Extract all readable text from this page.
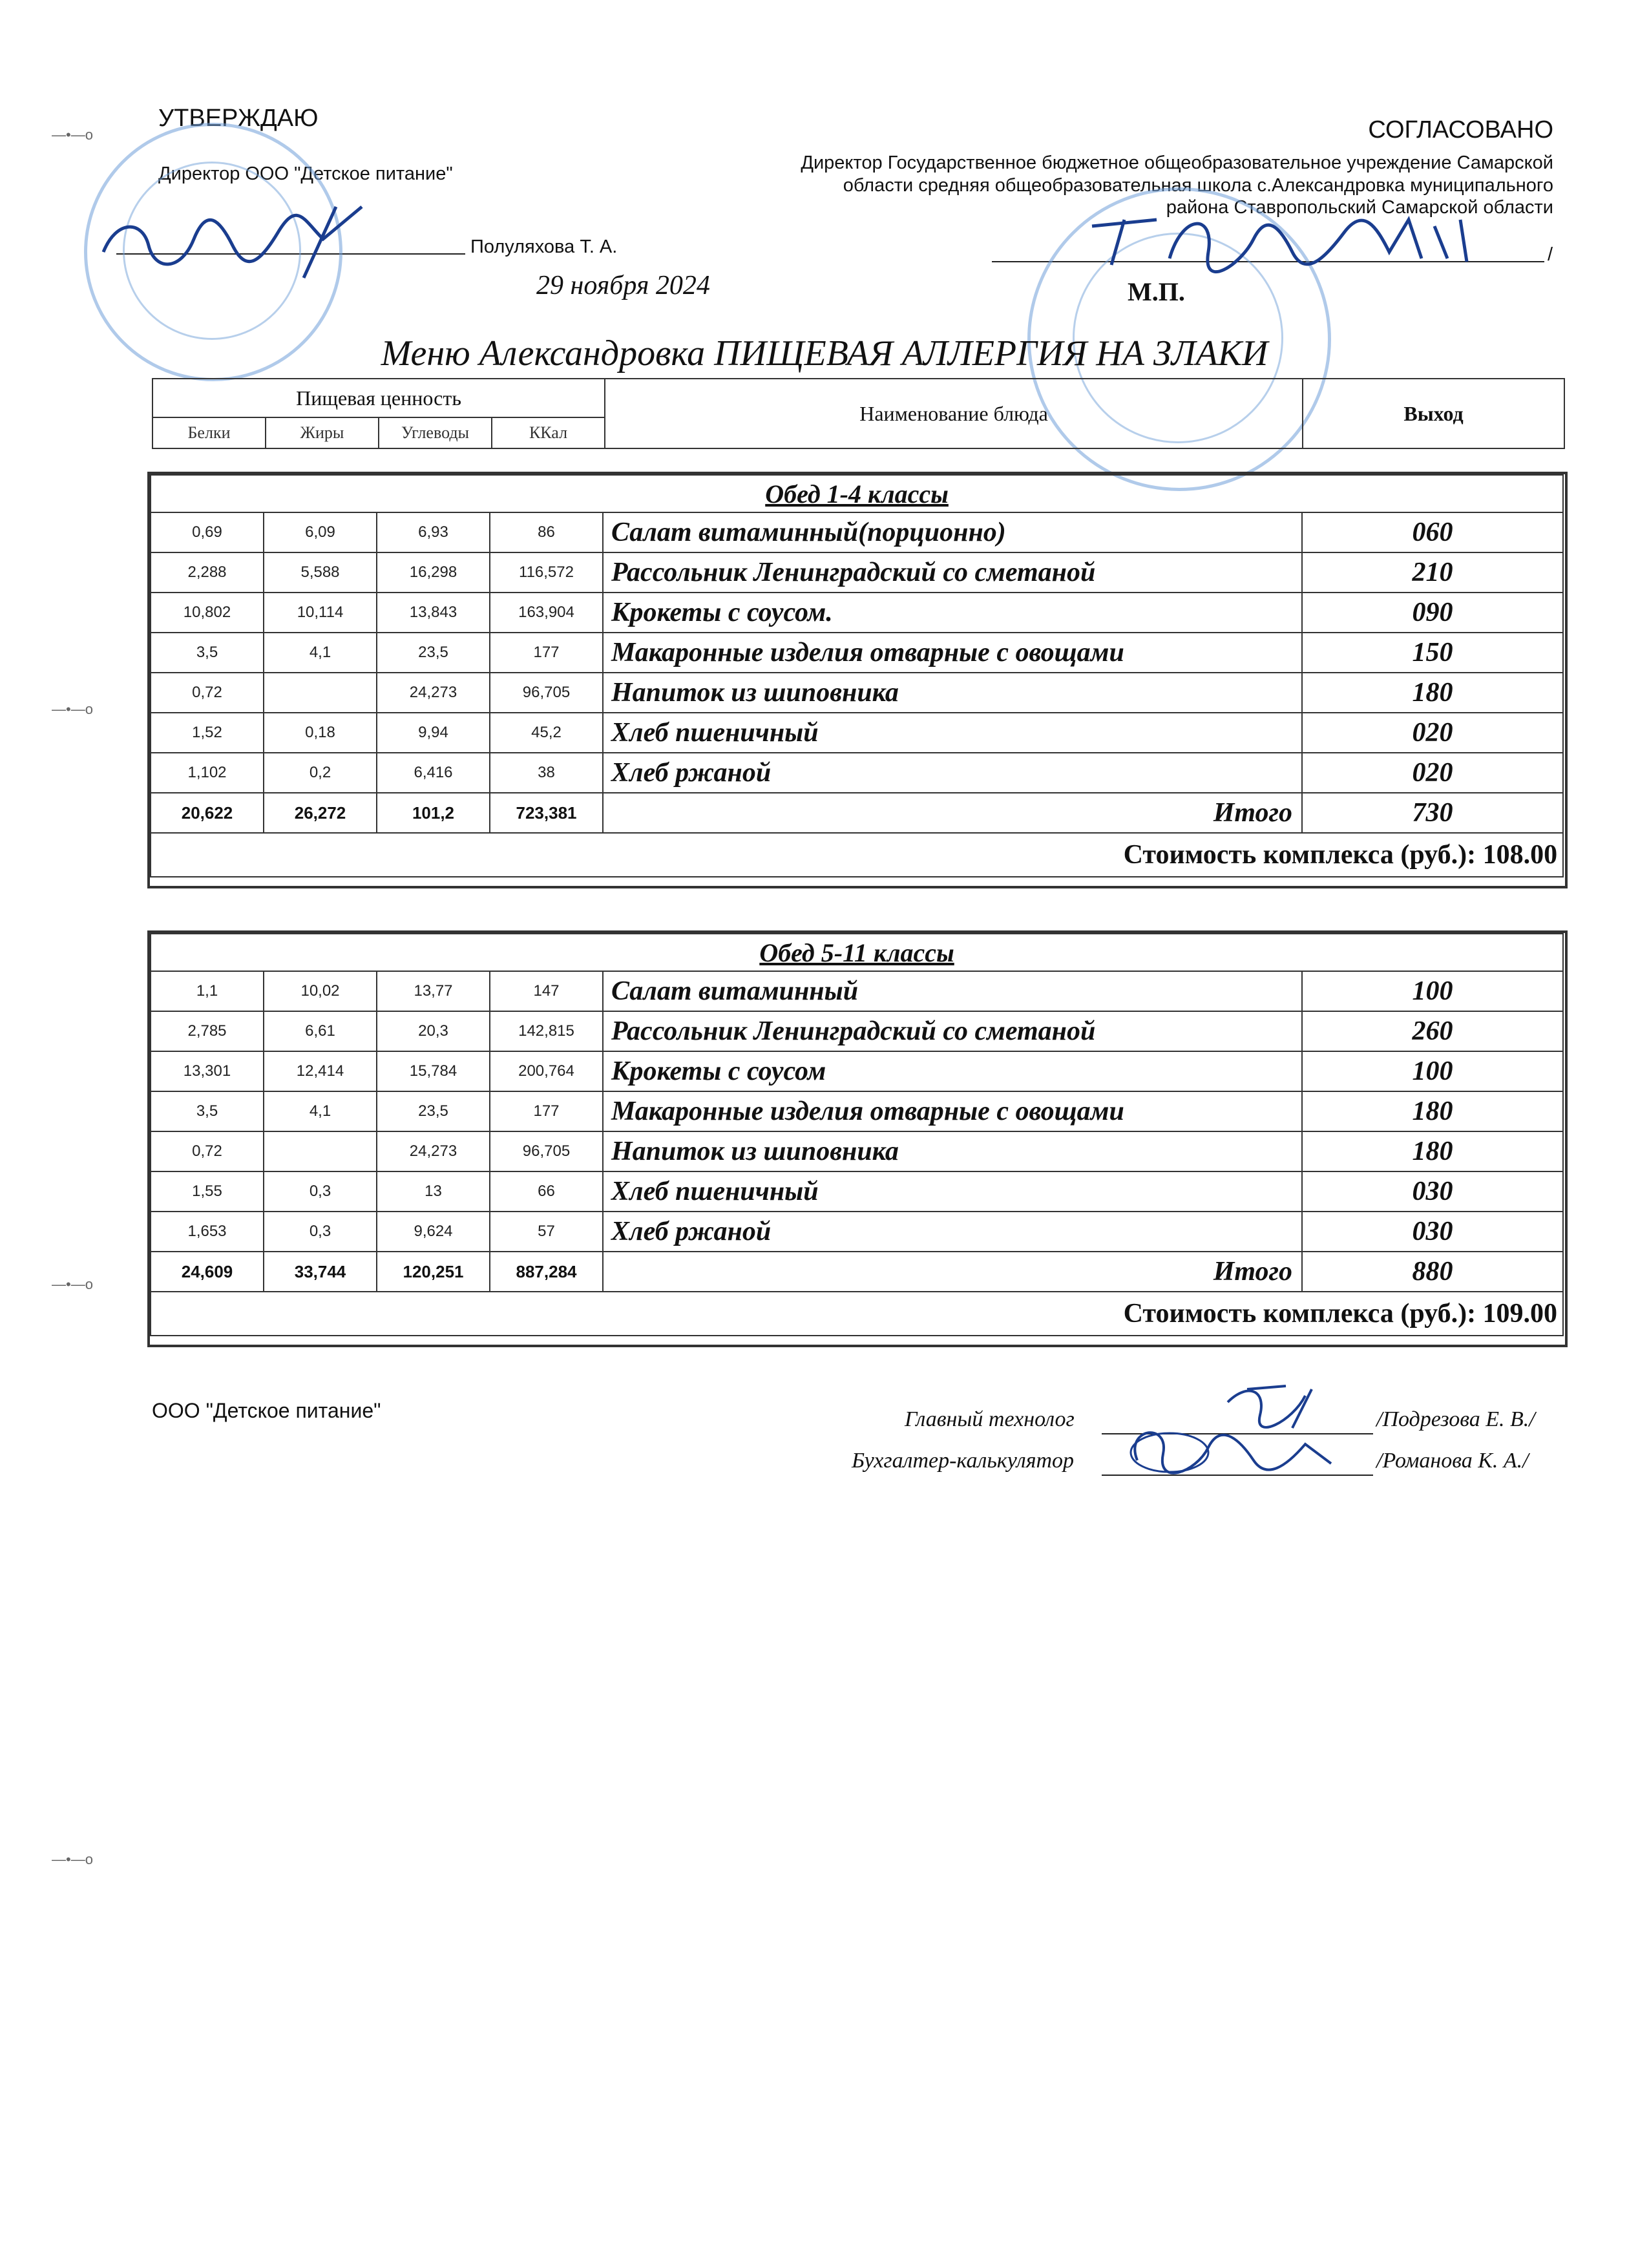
—•—o
—•—o
—•—o
—•—o
УТВЕРЖДАЮ
Директор ООО "Детское питание"
Полуляхова Т. А.
29 ноября 2024
СОГЛАСОВАНО
Директор Государственное бюджетное общеобразовательное учреждение Самарской
области средняя общеобразовательная школа с.Александровка муниципального
района Ставропольский Самарской области
/
М.П.
Меню Александровка ПИЩЕВАЯ АЛЛЕРГИЯ НА ЗЛАКИ
Пищевая ценность				Наименование блюда	Выход
Белки	Жиры	Углеводы	ККал		
Обед 1-4 классы					
0,69	6,09	6,93	86	Салат витаминный(порционно)	060
2,288	5,588	16,298	116,572	Рассольник Ленинградский со сметаной	210
10,802	10,114	13,843	163,904	Крокеты с соусом.	090
3,5	4,1	23,5	177	Макаронные изделия отварные с овощами	150
0,72		24,273	96,705	Напиток из шиповника	180
1,52	0,18	9,94	45,2	Хлеб пшеничный	020
1,102	0,2	6,416	38	Хлеб ржаной	020
20,622	26,272	101,2	723,381	Итого	730
Стоимость комплекса (руб.): 108.00					
Обед 5-11 классы					
1,1	10,02	13,77	147	Салат витаминный	100
2,785	6,61	20,3	142,815	Рассольник Ленинградский со сметаной	260
13,301	12,414	15,784	200,764	Крокеты с соусом	100
3,5	4,1	23,5	177	Макаронные изделия отварные с овощами	180
0,72		24,273	96,705	Напиток из шиповника	180
1,55	0,3	13	66	Хлеб пшеничный	030
1,653	0,3	9,624	57	Хлеб ржаной	030
24,609	33,744	120,251	887,284	Итого	880
Стоимость комплекса (руб.): 109.00					
ООО "Детское питание"	Главный технолог	/Подрезова Е. В./
Бухгалтер-калькулятор	/Романова К. А./
